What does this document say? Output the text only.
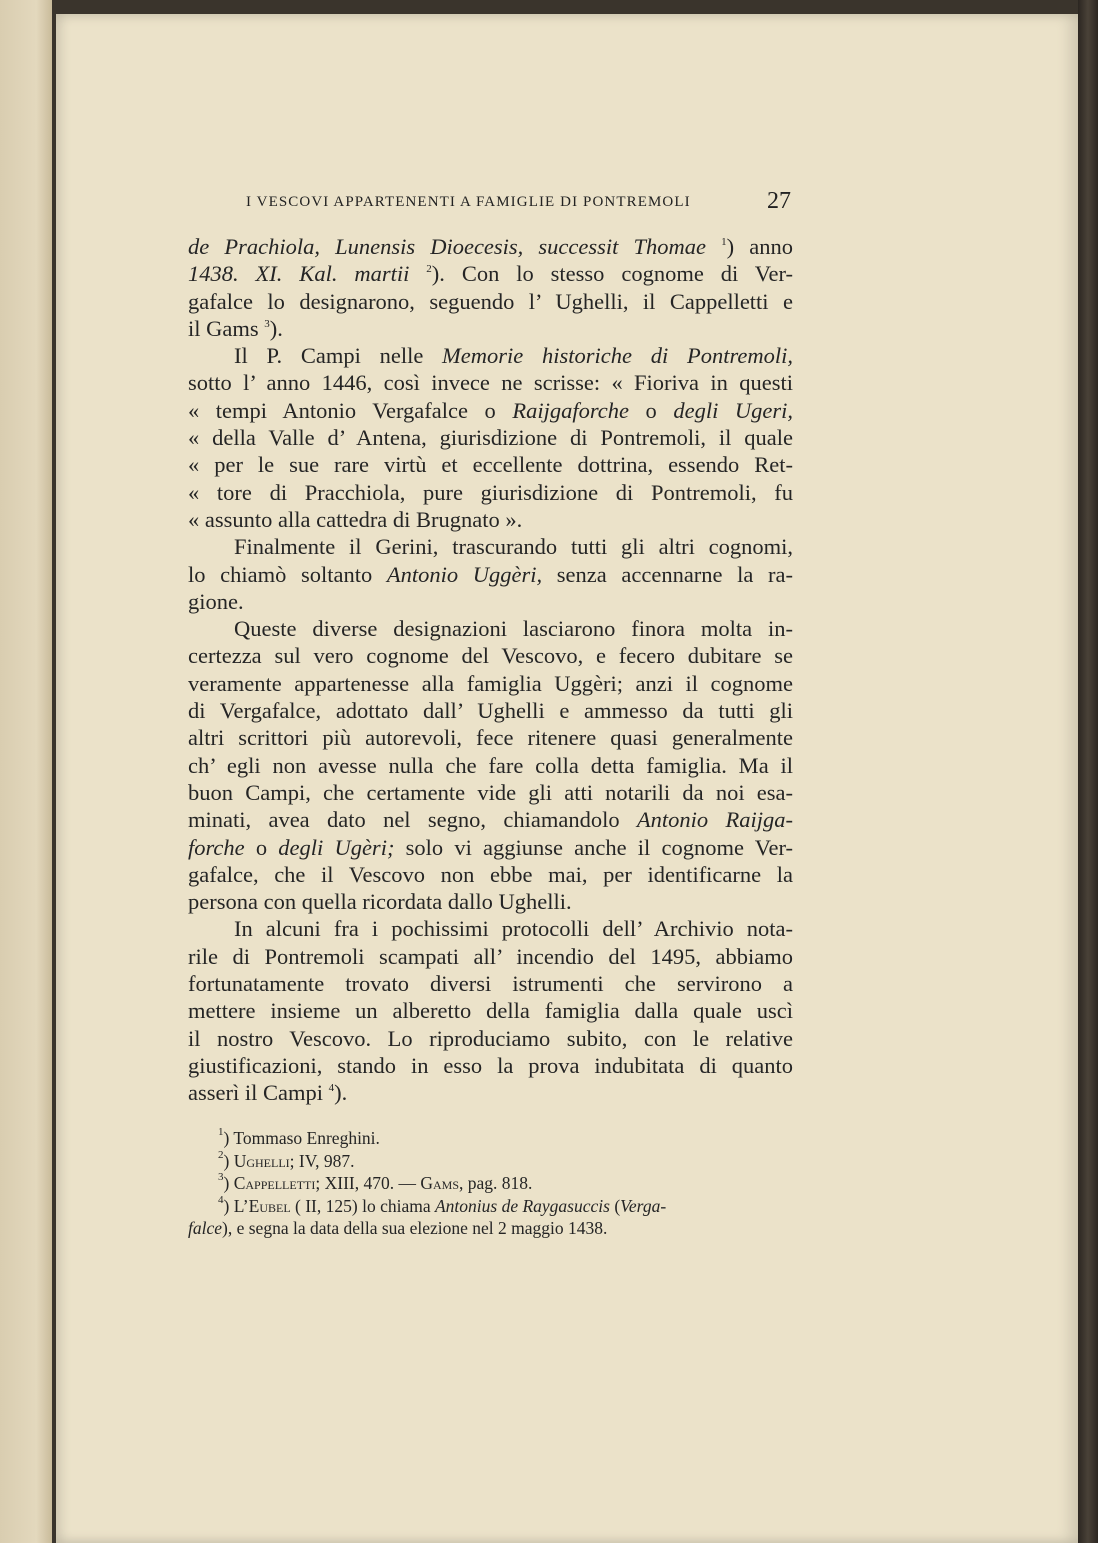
I VESCOVI APPARTENENTI A FAMIGLIE DI PONTREMOLI	27
de Prachiola, Lunensis Dioecesis, successit Thomae $^1$) anno
1438. XI. Kal. martii $^2$). Con lo stesso cognome di Ver-
gafalce lo designarono, seguendo l’ Ughelli, il Cappelletti e
il Gams $^3$).
Il P. Campi nelle Memorie historiche di Pontremoli,
sotto l’ anno 1446, così invece ne scrisse: « Fioriva in questi
« tempi Antonio Vergafalce o Raijgaforche o degli Ugeri,
« della Valle d’ Antena, giurisdizione di Pontremoli, il quale
« per le sue rare virtù et eccellente dottrina, essendo Ret-
« tore di Pracchiola, pure giurisdizione di Pontremoli, fu
« assunto alla cattedra di Brugnato ».
Finalmente il Gerini, trascurando tutti gli altri cognomi,
lo chiamò soltanto Antonio Uggèri, senza accennarne la ra-
gione.
Queste diverse designazioni lasciarono finora molta in-
certezza sul vero cognome del Vescovo, e fecero dubitare se
veramente appartenesse alla famiglia Uggèri; anzi il cognome
di Vergafalce, adottato dall’ Ughelli e ammesso da tutti gli
altri scrittori più autorevoli, fece ritenere quasi generalmente
ch’ egli non avesse nulla che fare colla detta famiglia. Ma il
buon Campi, che certamente vide gli atti notarili da noi esa-
minati, avea dato nel segno, chiamandolo Antonio Raijga-
forche o degli Ugèri; solo vi aggiunse anche il cognome Ver-
gafalce, che il Vescovo non ebbe mai, per identificarne la
persona con quella ricordata dallo Ughelli.
In alcuni fra i pochissimi protocolli dell’ Archivio nota-
rile di Pontremoli scampati all’ incendio del 1495, abbiamo
fortunatamente trovato diversi istrumenti che servirono a
mettere insieme un alberetto della famiglia dalla quale uscì
il nostro Vescovo. Lo riproduciamo subito, con le relative
giustificazioni, stando in esso la prova indubitata di quanto
asserì il Campi $^4$).
$^1$) Tommaso Enreghini.
$^2$) Ughelli; IV, 987.
$^3$) Cappelletti; XIII, 470. — Gams, pag. 818.
$^4$) L’Eubel ( II, 125) lo chiama Antonius de Raygasuccis (Verga-
falce), e segna la data della sua elezione nel 2 maggio 1438.
